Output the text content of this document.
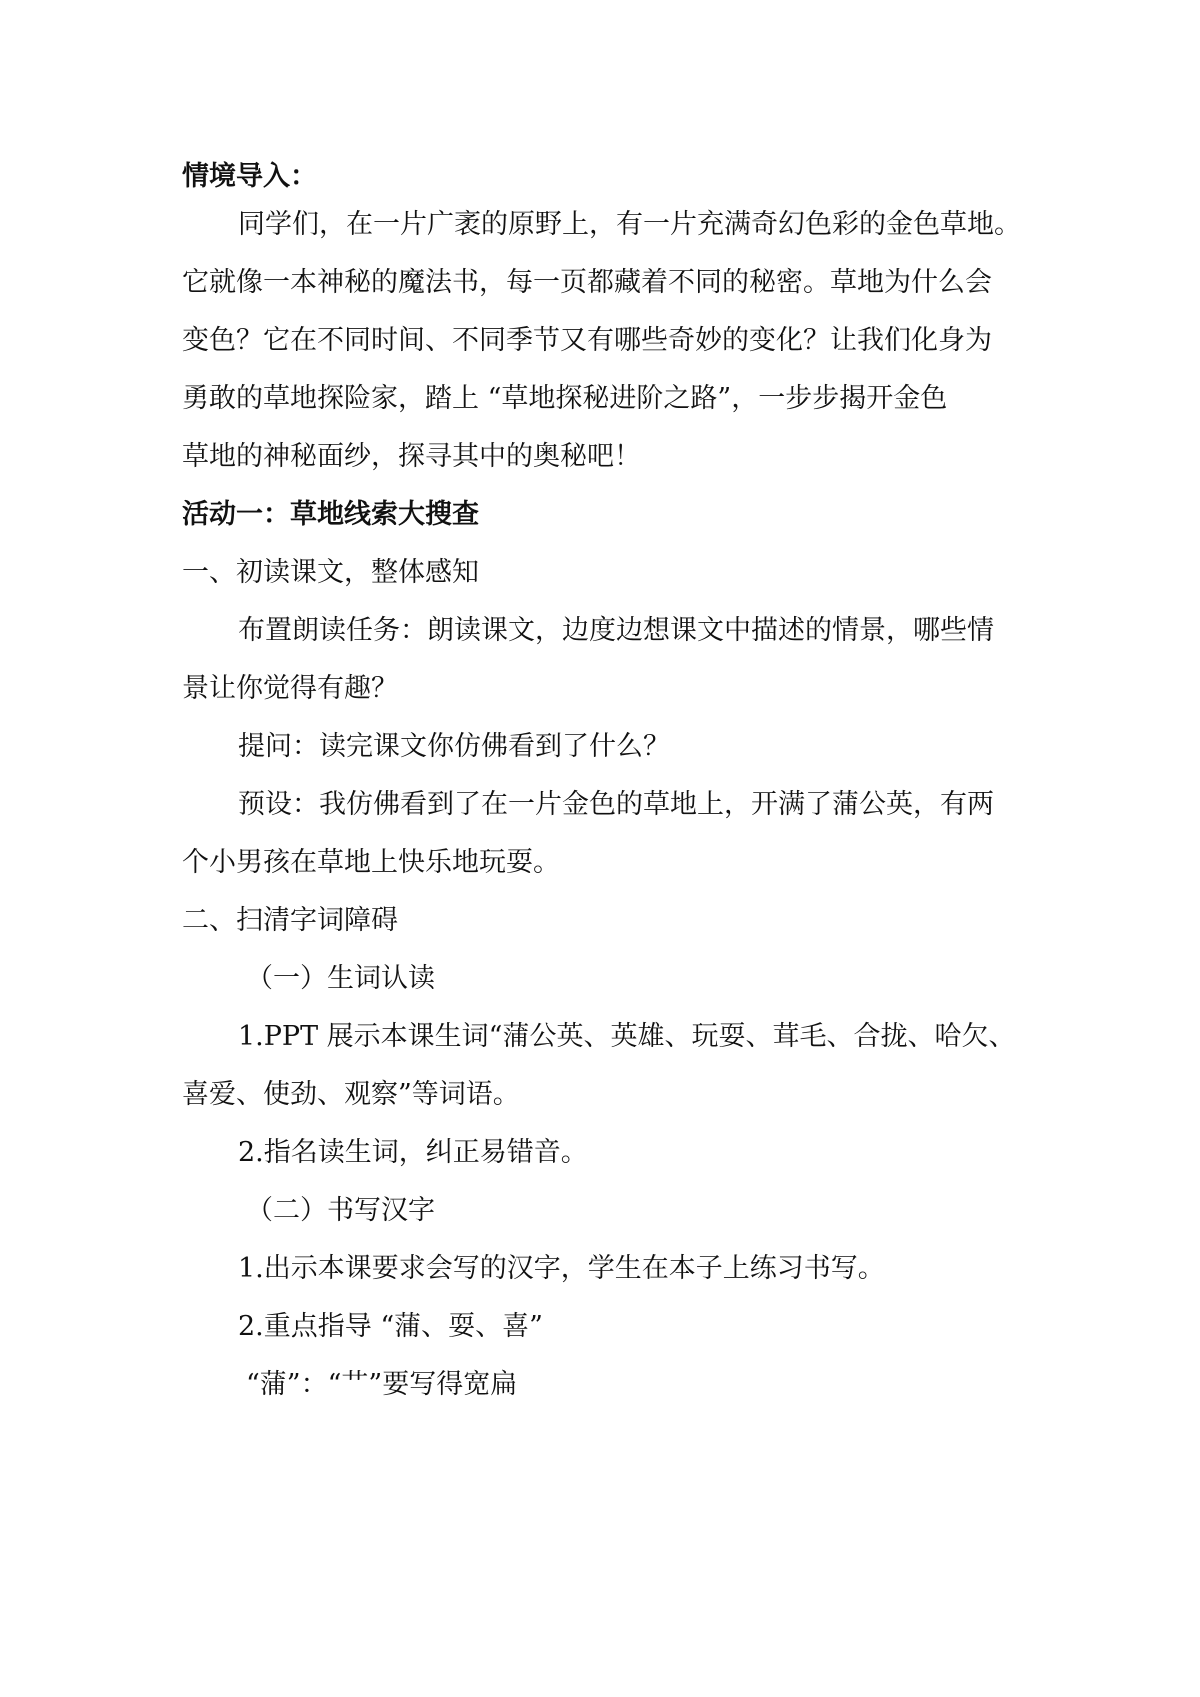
情境导入：
同学们，在一片广袤的原野上，有一片充满奇幻色彩的金色草地。
它就像一本神秘的魔法书，每一页都藏着不同的秘密。草地为什么会
变色？它在不同时间、不同季节又有哪些奇妙的变化？让我们化身为
勇敢的草地探险家，踏上 “草地探秘进阶之路”，一步步揭开金色
草地的神秘面纱，探寻其中的奥秘吧！
活动一：草地线索大搜查
一、初读课文，整体感知
布置朗读任务：朗读课文，边度边想课文中描述的情景，哪些情
景让你觉得有趣？
提问：读完课文你仿佛看到了什么？
预设：我仿佛看到了在一片金色的草地上，开满了蒲公英，有两
个小男孩在草地上快乐地玩耍。
二、扫清字词障碍
（一）生词认读
1.PPT 展示本课生词“蒲公英、英雄、玩耍、茸毛、合拢、哈欠、
喜爱、使劲、观察”等词语。
2.指名读生词，纠正易错音。
（二）书写汉字
1.出示本课要求会写的汉字，学生在本子上练习书写。
2.重点指导 “蒲、耍、喜”
“蒲”：“艹”要写得宽扁
